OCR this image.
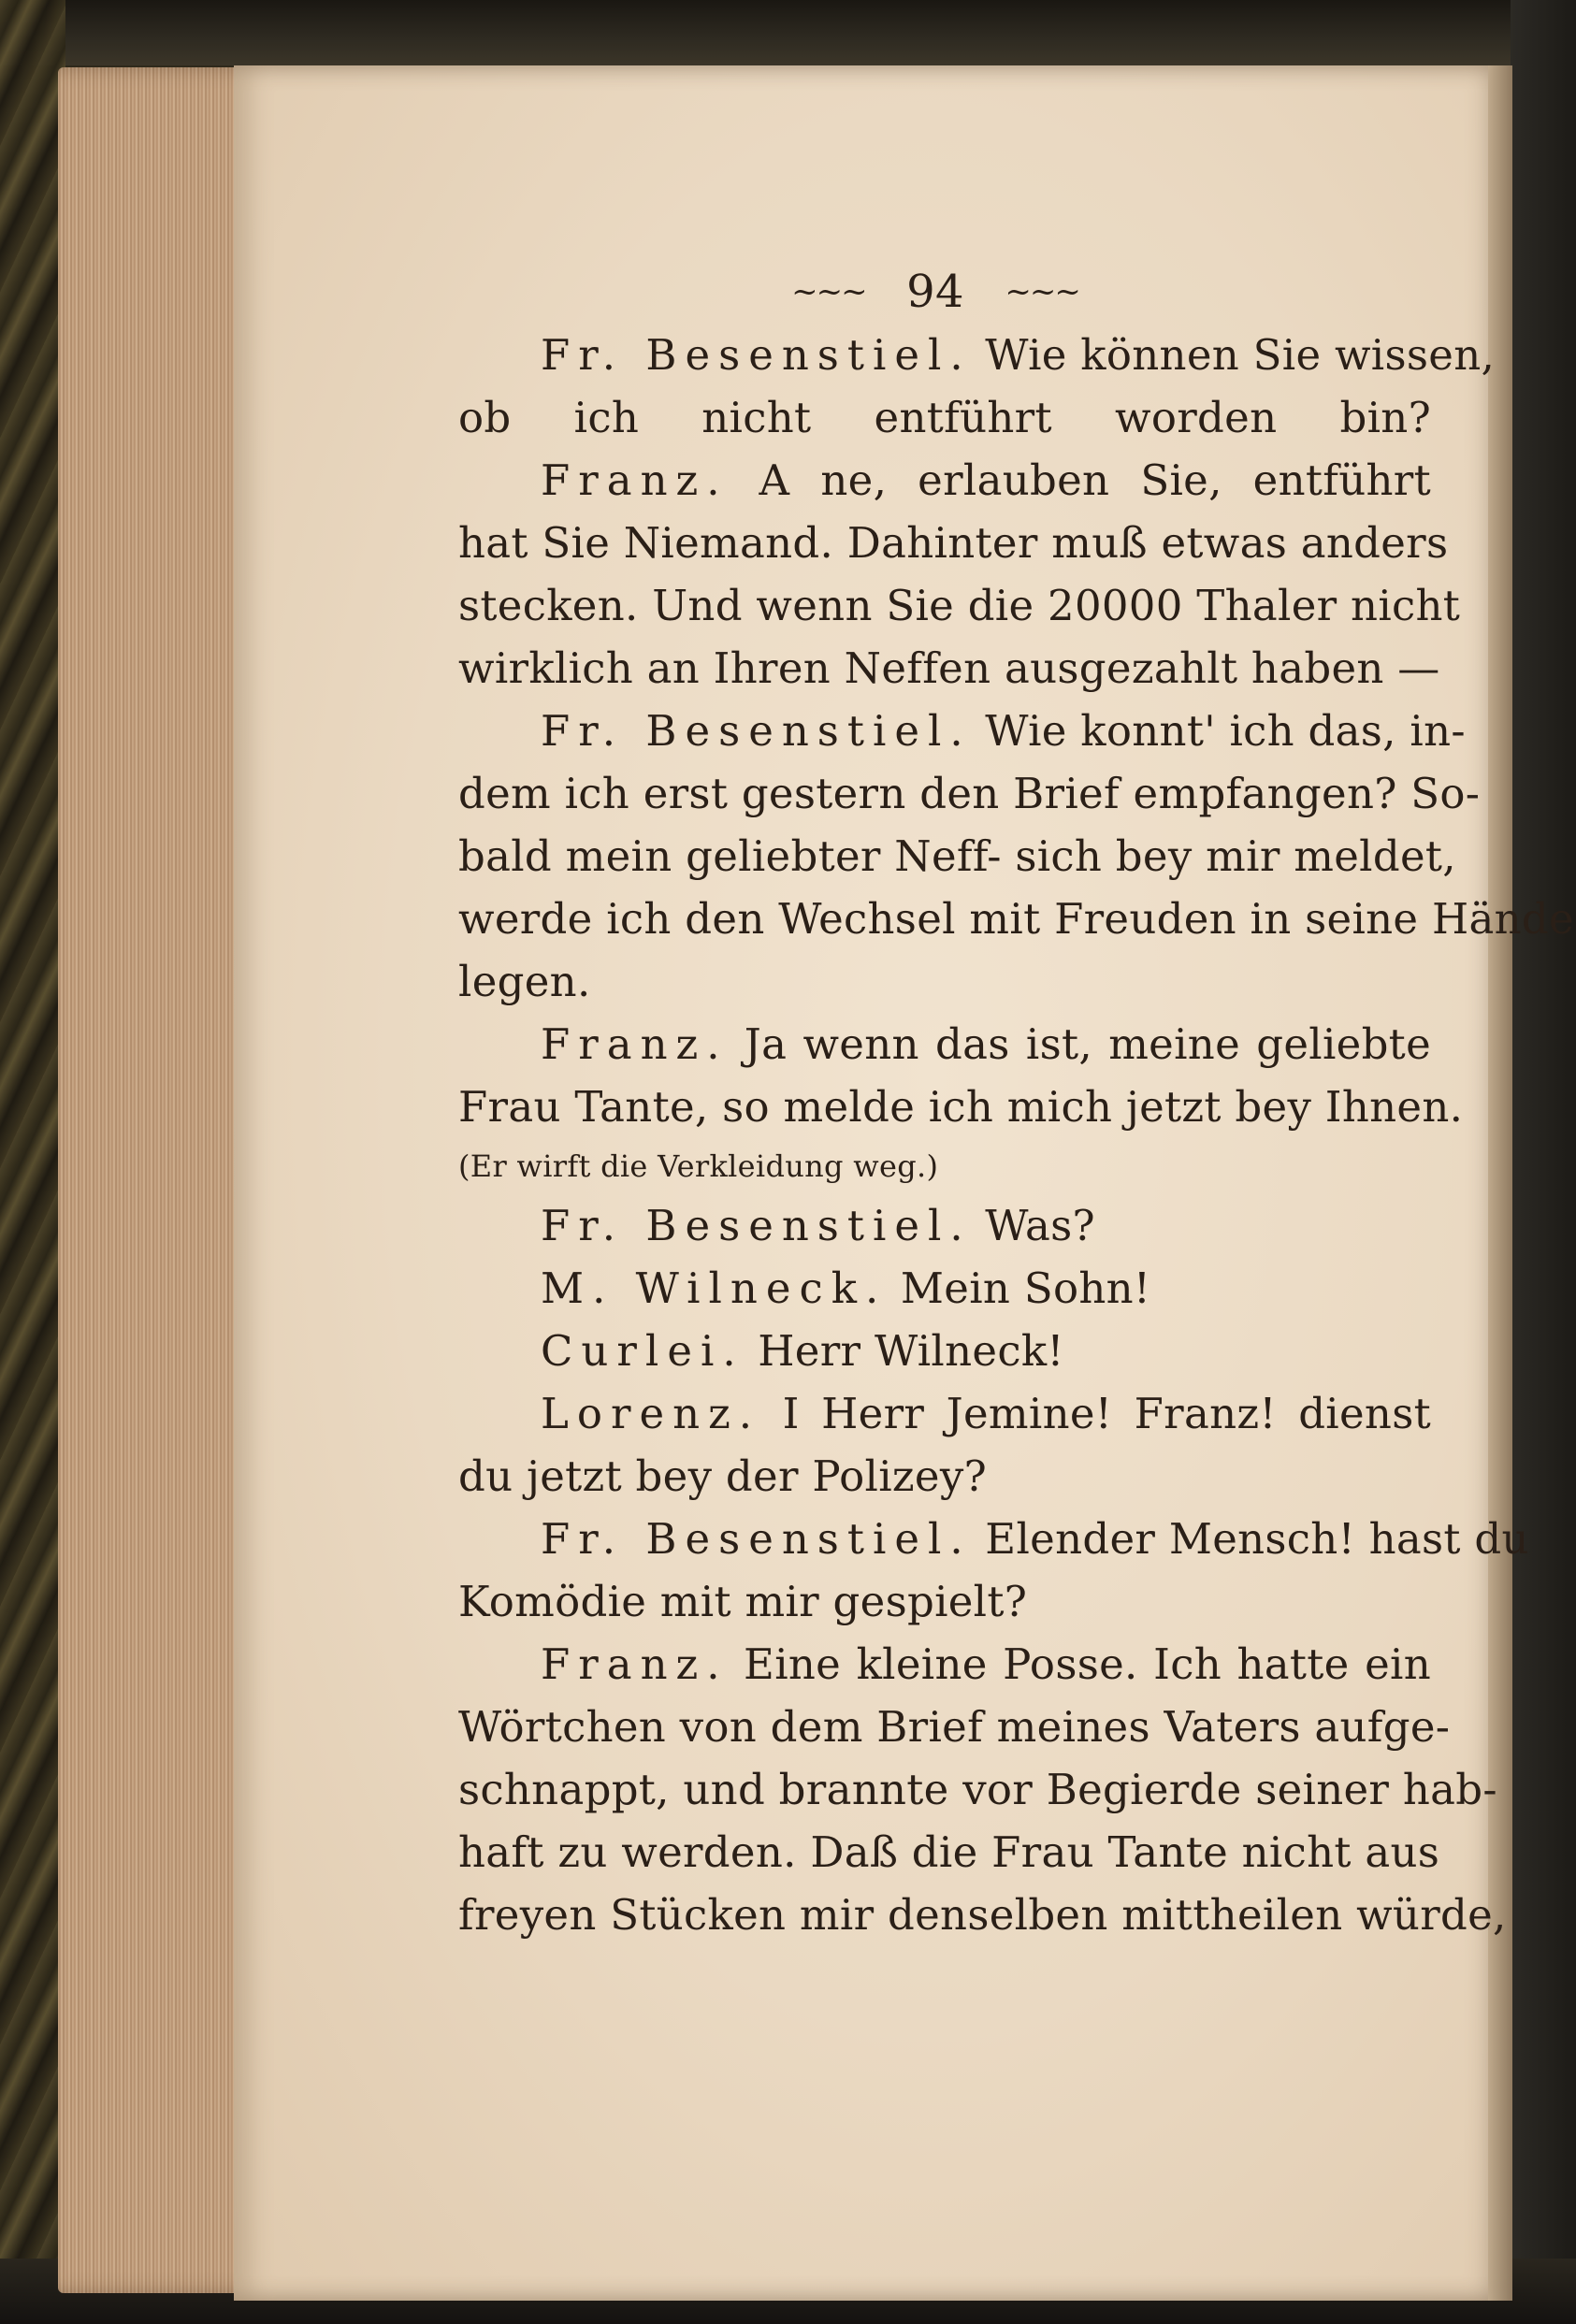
~~~ 94 ~~~
Fr. Besenstiel. Wie können Sie wissen,
ob ich nicht entführt worden bin?
Franz. A ne, erlauben Sie, entführt
hat Sie Niemand. Dahinter muß etwas anders
stecken. Und wenn Sie die 20000 Thaler nicht
wirklich an Ihren Neffen ausgezahlt haben —
Fr. Besenstiel. Wie konnt' ich das, in-
dem ich erst gestern den Brief empfangen? So-
bald mein geliebter Neff- sich bey mir meldet,
werde ich den Wechsel mit Freuden in seine Hände
legen.
Franz. Ja wenn das ist, meine geliebte
Frau Tante, so melde ich mich jetzt bey Ihnen.
(Er wirft die Verkleidung weg.)
Fr. Besenstiel. Was?
M. Wilneck. Mein Sohn!
Curlei. Herr Wilneck!
Lorenz. I Herr Jemine! Franz! dienst
du jetzt bey der Polizey?
Fr. Besenstiel. Elender Mensch! hast du
Komödie mit mir gespielt?
Franz. Eine kleine Posse. Ich hatte ein
Wörtchen von dem Brief meines Vaters aufge-
schnappt, und brannte vor Begierde seiner hab-
haft zu werden. Daß die Frau Tante nicht aus
freyen Stücken mir denselben mittheilen würde,
